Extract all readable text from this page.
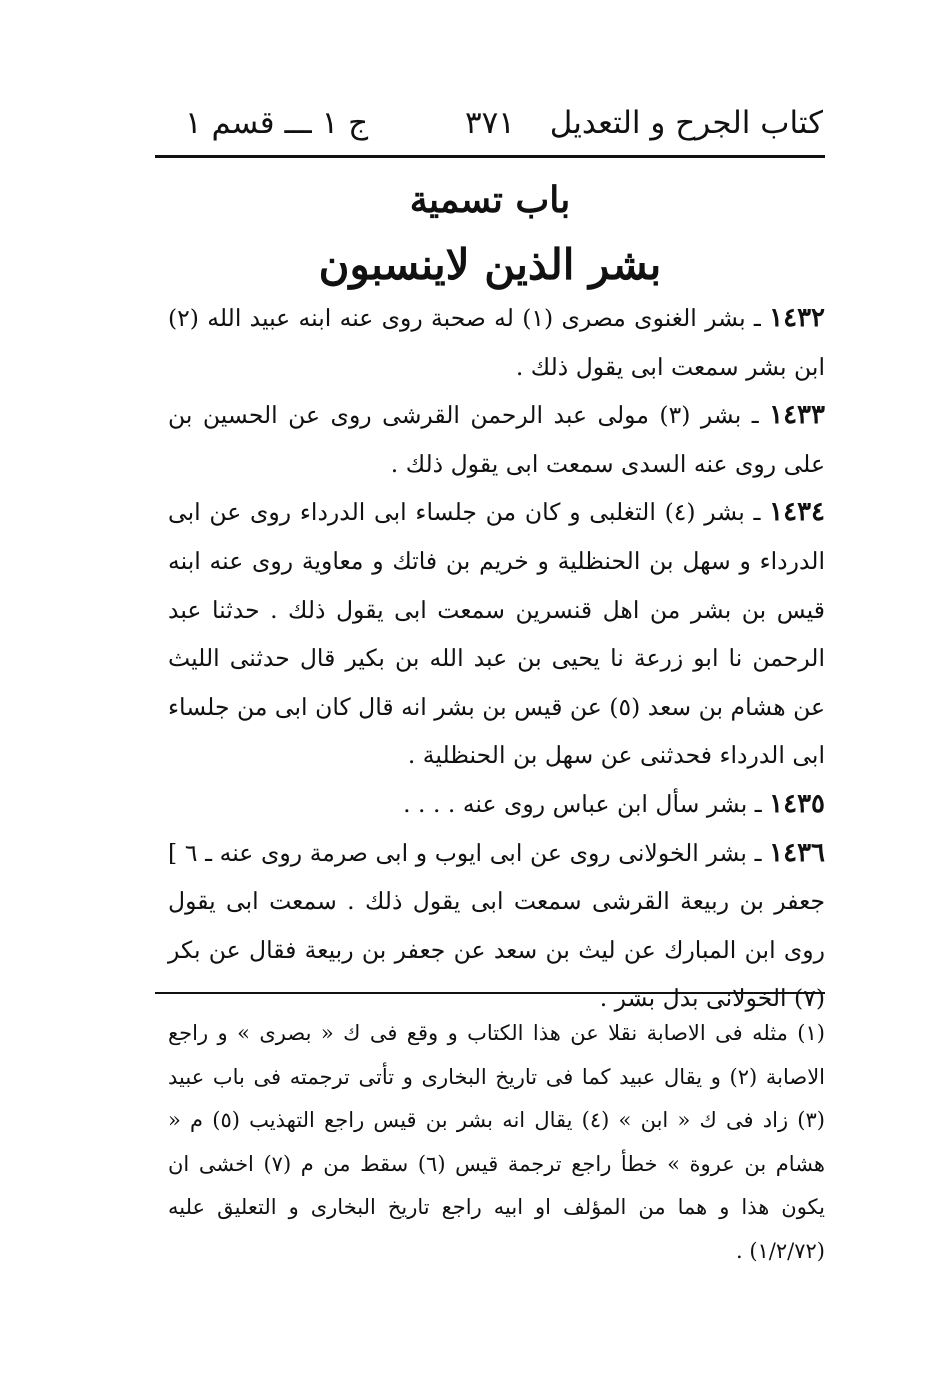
كتاب الجرح و التعديل
٣٧١
ج ١ ـــ قسم ١
باب تسمية
بشر الذين لاينسبون

١٤٣٢ ـ بشر الغنوى مصرى (١) له صحبة روى عنه ابنه عبيد الله (٢) ابن بشر سمعت ابى يقول ذلك .

١٤٣٣ ـ بشر (٣) مولى عبد الرحمن القرشى روى عن الحسين بن على روى عنه السدى سمعت ابى يقول ذلك .

١٤٣٤ ـ بشر (٤) التغلبى و كان من جلساء ابى الدرداء روى عن ابى الدرداء و سهل بن الحنظلية و خريم بن فاتك و معاوية روى عنه ابنه قيس بن بشر من اهل قنسرين سمعت ابى يقول ذلك . حدثنا عبد الرحمن نا ابو زرعة نا يحيى بن عبد الله بن بكير قال حدثنى الليث عن هشام بن سعد (٥) عن قيس بن بشر انه قال كان ابى من جلساء ابى الدرداء فحدثنى عن سهل بن الحنظلية .

١٤٣٥ ـ بشر سأل ابن عباس روى عنه . . . .

١٤٣٦ ـ بشر الخولانى روى عن ابى ايوب و ابى صرمة روى عنه ـ ٦ ] جعفر بن ربيعة القرشى سمعت ابى يقول ذلك . سمعت ابى يقول روى ابن المبارك عن ليث بن سعد عن جعفر بن ربيعة فقال عن بكر (٧) الخولانى بدل بشر .

(١) مثله فى الاصابة نقلا عن هذا الكتاب و وقع فى ك « بصرى » و راجع الاصابة (٢) و يقال عبيد كما فى تاريخ البخارى و تأتى ترجمته فى باب عبيد (٣) زاد فى ك « ابن » (٤) يقال انه بشر بن قيس راجع التهذيب (٥) م « هشام بن عروة » خطأ راجع ترجمة قيس (٦) سقط من م (٧) اخشى ان يكون هذا و هما من المؤلف او ابيه راجع تاريخ البخارى و التعليق عليه (١/٢/٧٢) .
